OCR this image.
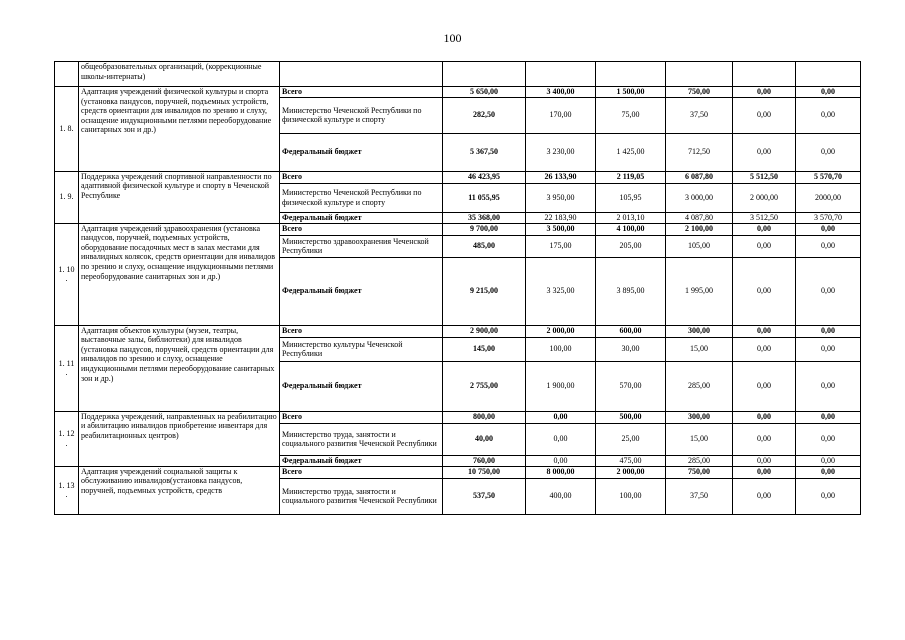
100
	общеобразовательных организаций, (коррекционные школы-интернаты)							
1. 8.	Адаптация учреждений физической культуры и спорта (установка пандусов, поручней, подъемных устройств, средств ориентации для инвалидов по зрению и слуху, оснащение индукционными петлями переоборудование санитарных зон и др.)	Всего	5 650,00	3 400,00	1 500,00	750,00	0,00	0,00
		Министерство Чеченской Республики по физической культуре и спорту	282,50	170,00	75,00	37,50	0,00	0,00
		Федеральный бюджет	5 367,50	3 230,00	1 425,00	712,50	0,00	0,00
1. 9.	Поддержка учреждений спортивной направленности по адаптивной физической культуре и спорту в Чеченской Республике	Всего	46 423,95	26 133,90	2 119,05	6 087,80	5 512,50	5 570,70
		Министерство Чеченской Республики по физической культуре и спорту	11 055,95	3 950,00	105,95	3 000,00	2 000,00	2000,00
		Федеральный бюджет	35 368,00	22 183,90	2 013,10	4 087,80	3 512,50	3 570,70
1. 10 .	Адаптация учреждений здравоохранения (установка пандусов, поручней, подъемных устройств, оборудование посадочных мест в залах местами для инвалидных колясок, средств ориентации для инвалидов по зрению и слуху, оснащение индукционными петлями переоборудование санитарных зон и др.)	Всего	9 700,00	3 500,00	4 100,00	2 100,00	0,00	0,00
		Министерство здравоохранения Чеченской Республики	485,00	175,00	205,00	105,00	0,00	0,00
		Федеральный бюджет	9 215,00	3 325,00	3 895,00	1 995,00	0,00	0,00
1. 11 .	Адаптация объектов культуры (музеи, театры, выставочные залы, библиотеки) для инвалидов (установка пандусов, поручней, средств ориентации для инвалидов по зрению и слуху, оснащение индукционными петлями переоборудование санитарных зон и др.)	Всего	2 900,00	2 000,00	600,00	300,00	0,00	0,00
		Министерство культуры Чеченской Республики	145,00	100,00	30,00	15,00	0,00	0,00
		Федеральный бюджет	2 755,00	1 900,00	570,00	285,00	0,00	0,00
1. 12 .	Поддержка учреждений, направленных на реабилитацию и абилитацию инвалидов приобретение инвентаря для реабилитационных центров)	Всего	800,00	0,00	500,00	300,00	0,00	0,00
		Министерство труда, занятости и социального развития Чеченской Республики	40,00	0,00	25,00	15,00	0,00	0,00
		Федеральный бюджет	760,00	0,00	475,00	285,00	0,00	0,00
1. 13 .	Адаптация учреждений социальной защиты к обслуживанию инвалидов(установка пандусов, поручней, подъемных устройств, средств	Всего	10 750,00	8 000,00	2 000,00	750,00	0,00	0,00
		Министерство труда, занятости и социального развития Чеченской Республики	537,50	400,00	100,00	37,50	0,00	0,00
